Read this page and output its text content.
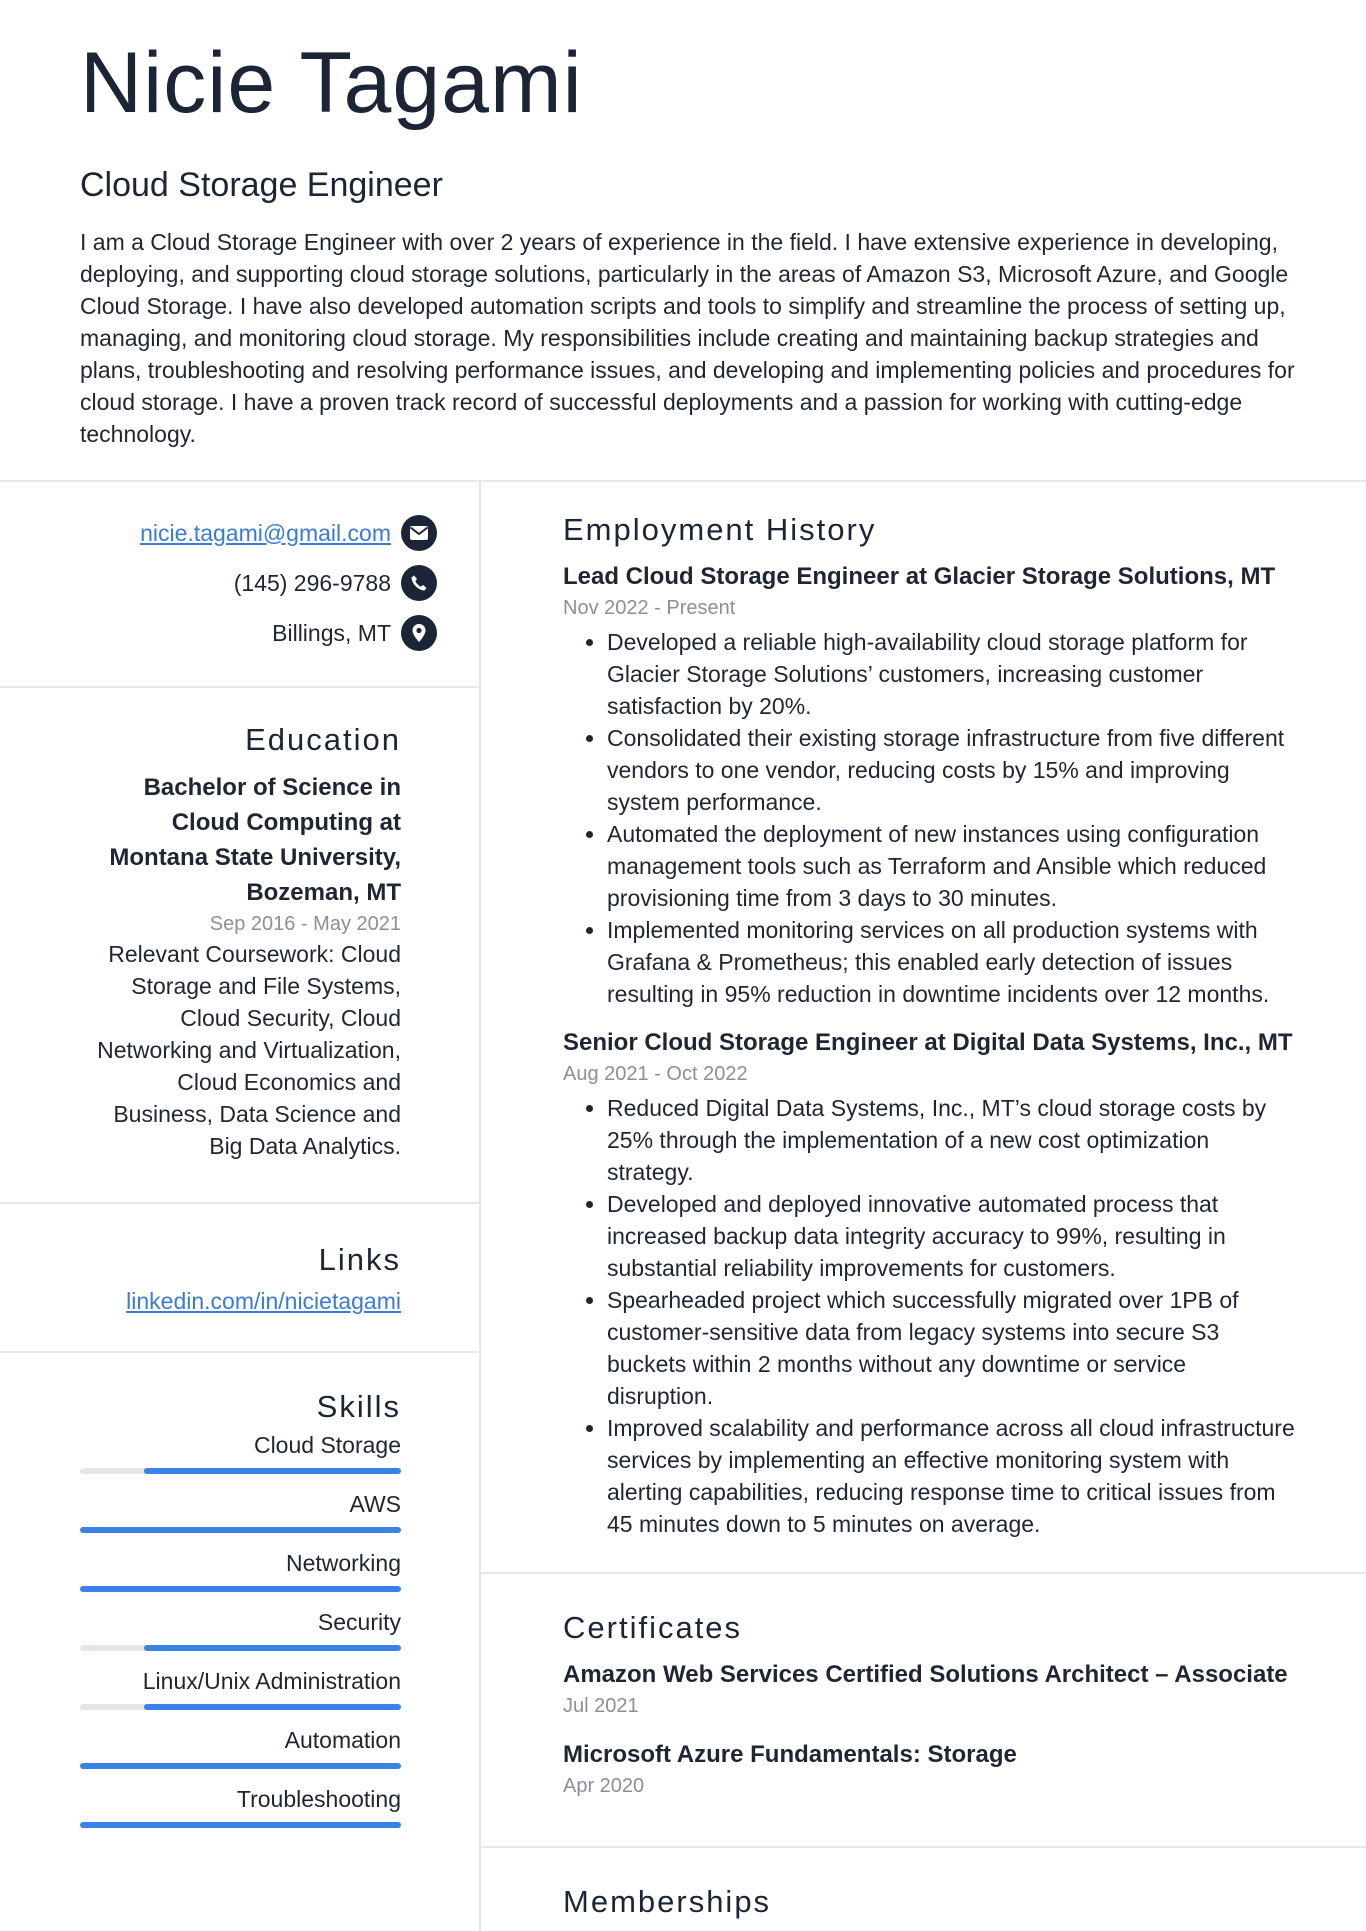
Nicie Tagami
Cloud Storage Engineer
I am a Cloud Storage Engineer with over 2 years of experience in the field. I have extensive experience in developing, deploying, and supporting cloud storage solutions, particularly in the areas of Amazon S3, Microsoft Azure, and Google Cloud Storage. I have also developed automation scripts and tools to simplify and streamline the process of setting up, managing, and monitoring cloud storage. My responsibilities include creating and maintaining backup strategies and plans, troubleshooting and resolving performance issues, and developing and implementing policies and procedures for cloud storage. I have a proven track record of successful deployments and a passion for working with cutting-edge technology.
nicie.tagami@gmail.com
(145) 296-9788
Billings, MT
Education
Bachelor of Science in Cloud Computing at Montana State University, Bozeman, MT
Sep 2016 - May 2021
Relevant Coursework: Cloud Storage and File Systems, Cloud Security, Cloud Networking and Virtualization, Cloud Economics and Business, Data Science and Big Data Analytics.
Links
linkedin.com/in/nicietagami
Skills
Cloud Storage
AWS
Networking
Security
Linux/Unix Administration
Automation
Troubleshooting
Employment History
Lead Cloud Storage Engineer at Glacier Storage Solutions, MT
Nov 2022 - Present
• Developed a reliable high-availability cloud storage platform for Glacier Storage Solutions’ customers, increasing customer satisfaction by 20%.
• Consolidated their existing storage infrastructure from five different vendors to one vendor, reducing costs by 15% and improving system performance.
• Automated the deployment of new instances using configuration management tools such as Terraform and Ansible which reduced provisioning time from 3 days to 30 minutes.
• Implemented monitoring services on all production systems with Grafana & Prometheus; this enabled early detection of issues resulting in 95% reduction in downtime incidents over 12 months.
Senior Cloud Storage Engineer at Digital Data Systems, Inc., MT
Aug 2021 - Oct 2022
• Reduced Digital Data Systems, Inc., MT’s cloud storage costs by 25% through the implementation of a new cost optimization strategy.
• Developed and deployed innovative automated process that increased backup data integrity accuracy to 99%, resulting in substantial reliability improvements for customers.
• Spearheaded project which successfully migrated over 1PB of customer-sensitive data from legacy systems into secure S3 buckets within 2 months without any downtime or service disruption.
• Improved scalability and performance across all cloud infrastructure services by implementing an effective monitoring system with alerting capabilities, reducing response time to critical issues from 45 minutes down to 5 minutes on average.
Certificates
Amazon Web Services Certified Solutions Architect – Associate
Jul 2021
Microsoft Azure Fundamentals: Storage
Apr 2020
Memberships
